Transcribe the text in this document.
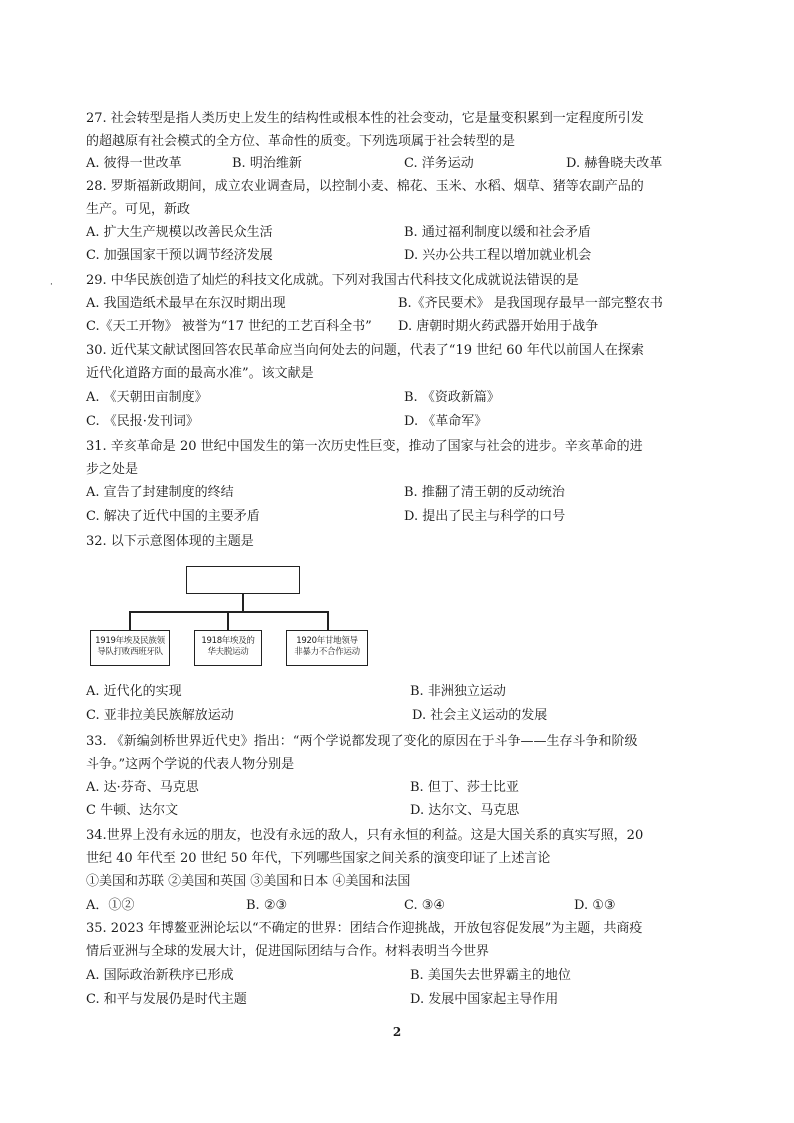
·
27. 社会转型是指人类历史上发生的结构性或根本性的社会变动，它是量变积累到一定程度所引发
的超越原有社会模式的全方位、革命性的质变。下列选项属于社会转型的是
A. 彼得一世改革	B. 明治维新	C. 洋务运动	D. 赫鲁晓夫改革
28. 罗斯福新政期间，成立农业调查局，以控制小麦、棉花、玉米、水稻、烟草、猪等农副产品的
生产。可见，新政
A. 扩大生产规模以改善民众生活	B. 通过福利制度以缓和社会矛盾
C. 加强国家干预以调节经济发展	D. 兴办公共工程以增加就业机会
29. 中华民族创造了灿烂的科技文化成就。下列对我国古代科技文化成就说法错误的是
A. 我国造纸术最早在东汉时期出现	B.《齐民要术》 是我国现存最早一部完整农书
C.《天工开物》 被誉为“17 世纪的工艺百科全书” D. 唐朝时期火药武器开始用于战争
30. 近代某文献试图回答农民革命应当向何处去的问题，代表了“19 世纪 60 年代以前国人在探索
近代化道路方面的最高水准”。该文献是
A. 《天朝田亩制度》	B. 《资政新篇》
C. 《民报·发刊词》	D. 《革命军》
31. 辛亥革命是 20 世纪中国发生的第一次历史性巨变，推动了国家与社会的进步。辛亥革命的进
步之处是
A. 宣告了封建制度的终结	B. 推翻了清王朝的反动统治
C. 解决了近代中国的主要矛盾	D. 提出了民主与科学的口号
32. 以下示意图体现的主题是
1919年埃及民族领
导队打败西班牙队
1918年埃及的
华夫脱运动
1920年甘地领导
非暴力不合作运动
A. 近代化的实现	B. 非洲独立运动
C. 亚非拉美民族解放运动	D. 社会主义运动的发展
33. 《新编剑桥世界近代史》指出：“两个学说都发现了变化的原因在于斗争——生存斗争和阶级
斗争。”这两个学说的代表人物分别是
A. 达·芬奇、马克思	B. 但丁、莎士比亚
C 牛顿、达尔文	D. 达尔文、马克思
34.世界上没有永远的朋友，也没有永远的敌人，只有永恒的利益。这是大国关系的真实写照，20
世纪 40 年代至 20 世纪 50 年代，下列哪些国家之间关系的演变印证了上述言论
①美国和苏联 ②美国和英国 ③美国和日本 ④美国和法国
A．①②	B. ②③	C. ③④	D. ①③
35. 2023 年博鳌亚洲论坛以“不确定的世界：团结合作迎挑战，开放包容促发展”为主题，共商疫
情后亚洲与全球的发展大计，促进国际团结与合作。材料表明当今世界
A. 国际政治新秩序已形成	B. 美国失去世界霸主的地位
C. 和平与发展仍是时代主题	D. 发展中国家起主导作用
2
